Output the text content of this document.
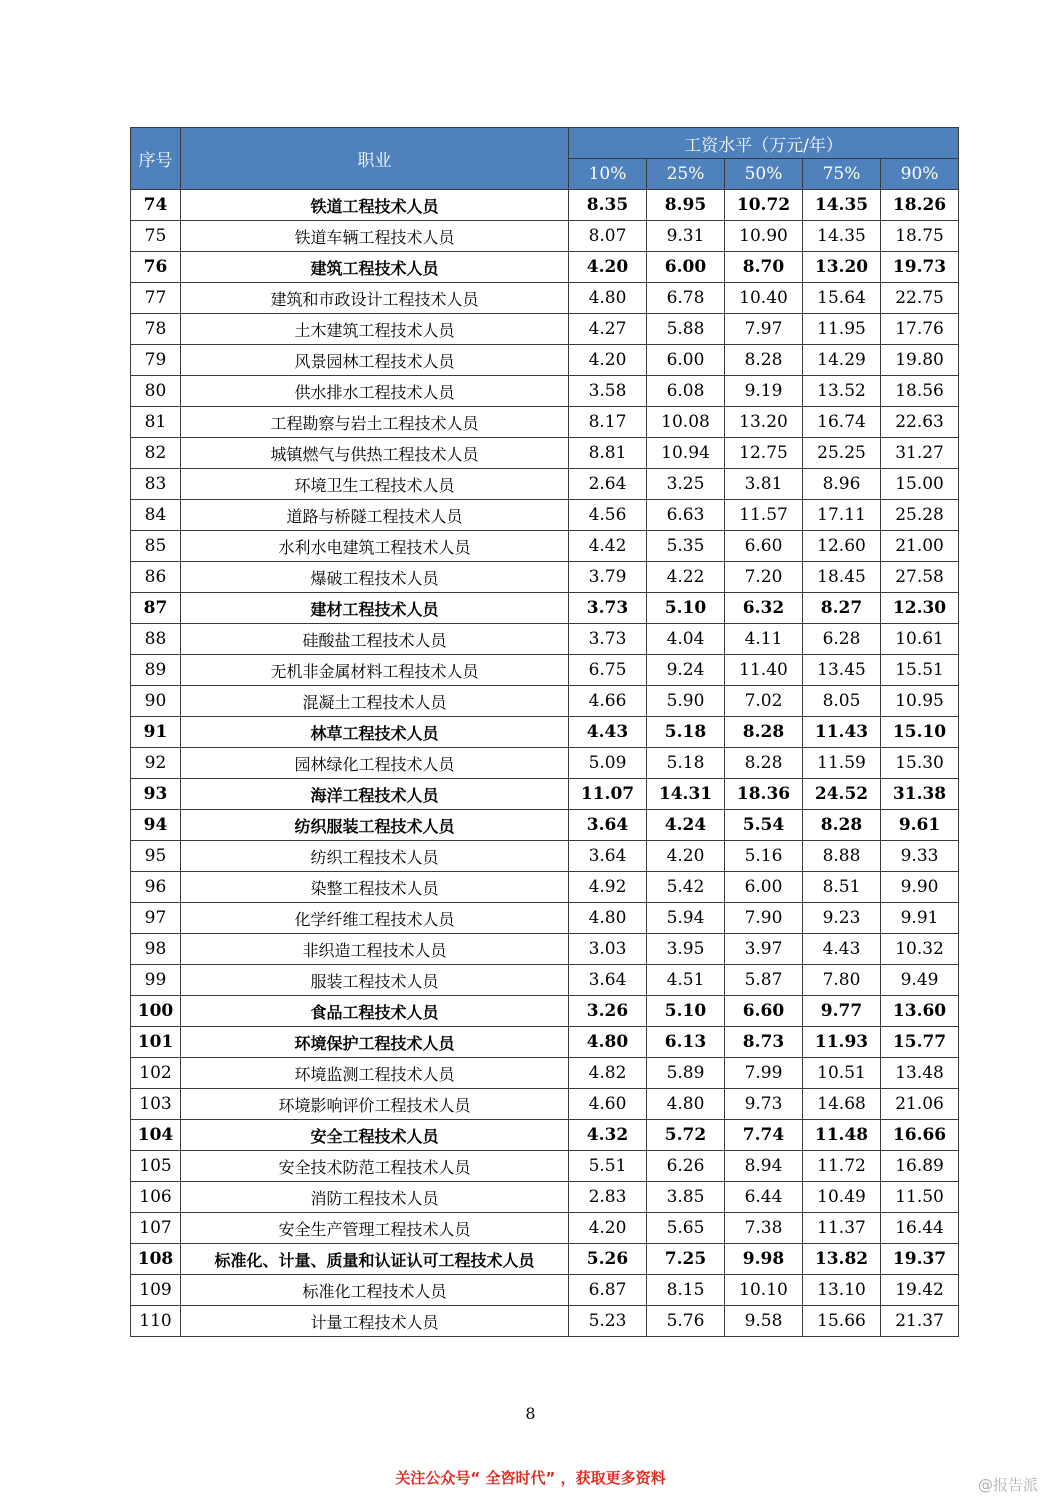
序号	职业	工资水平（万元/年）				
		10%	25%	50%	75%	90%
74	铁道工程技术人员	8.35	8.95	10.72	14.35	18.26
75	铁道车辆工程技术人员	8.07	9.31	10.90	14.35	18.75
76	建筑工程技术人员	4.20	6.00	8.70	13.20	19.73
77	建筑和市政设计工程技术人员	4.80	6.78	10.40	15.64	22.75
78	土木建筑工程技术人员	4.27	5.88	7.97	11.95	17.76
79	风景园林工程技术人员	4.20	6.00	8.28	14.29	19.80
80	供水排水工程技术人员	3.58	6.08	9.19	13.52	18.56
81	工程勘察与岩土工程技术人员	8.17	10.08	13.20	16.74	22.63
82	城镇燃气与供热工程技术人员	8.81	10.94	12.75	25.25	31.27
83	环境卫生工程技术人员	2.64	3.25	3.81	8.96	15.00
84	道路与桥隧工程技术人员	4.56	6.63	11.57	17.11	25.28
85	水利水电建筑工程技术人员	4.42	5.35	6.60	12.60	21.00
86	爆破工程技术人员	3.79	4.22	7.20	18.45	27.58
87	建材工程技术人员	3.73	5.10	6.32	8.27	12.30
88	硅酸盐工程技术人员	3.73	4.04	4.11	6.28	10.61
89	无机非金属材料工程技术人员	6.75	9.24	11.40	13.45	15.51
90	混凝土工程技术人员	4.66	5.90	7.02	8.05	10.95
91	林草工程技术人员	4.43	5.18	8.28	11.43	15.10
92	园林绿化工程技术人员	5.09	5.18	8.28	11.59	15.30
93	海洋工程技术人员	11.07	14.31	18.36	24.52	31.38
94	纺织服装工程技术人员	3.64	4.24	5.54	8.28	9.61
95	纺织工程技术人员	3.64	4.20	5.16	8.88	9.33
96	染整工程技术人员	4.92	5.42	6.00	8.51	9.90
97	化学纤维工程技术人员	4.80	5.94	7.90	9.23	9.91
98	非织造工程技术人员	3.03	3.95	3.97	4.43	10.32
99	服装工程技术人员	3.64	4.51	5.87	7.80	9.49
100	食品工程技术人员	3.26	5.10	6.60	9.77	13.60
101	环境保护工程技术人员	4.80	6.13	8.73	11.93	15.77
102	环境监测工程技术人员	4.82	5.89	7.99	10.51	13.48
103	环境影响评价工程技术人员	4.60	4.80	9.73	14.68	21.06
104	安全工程技术人员	4.32	5.72	7.74	11.48	16.66
105	安全技术防范工程技术人员	5.51	6.26	8.94	11.72	16.89
106	消防工程技术人员	2.83	3.85	6.44	10.49	11.50
107	安全生产管理工程技术人员	4.20	5.65	7.38	11.37	16.44
108	标准化、计量、质量和认证认可工程技术人员	5.26	7.25	9.98	13.82	19.37
109	标准化工程技术人员	6.87	8.15	10.10	13.10	19.42
110	计量工程技术人员	5.23	5.76	9.58	15.66	21.37
8
关注公众号“ 全咨时代” ，获取更多资料	@报告派
